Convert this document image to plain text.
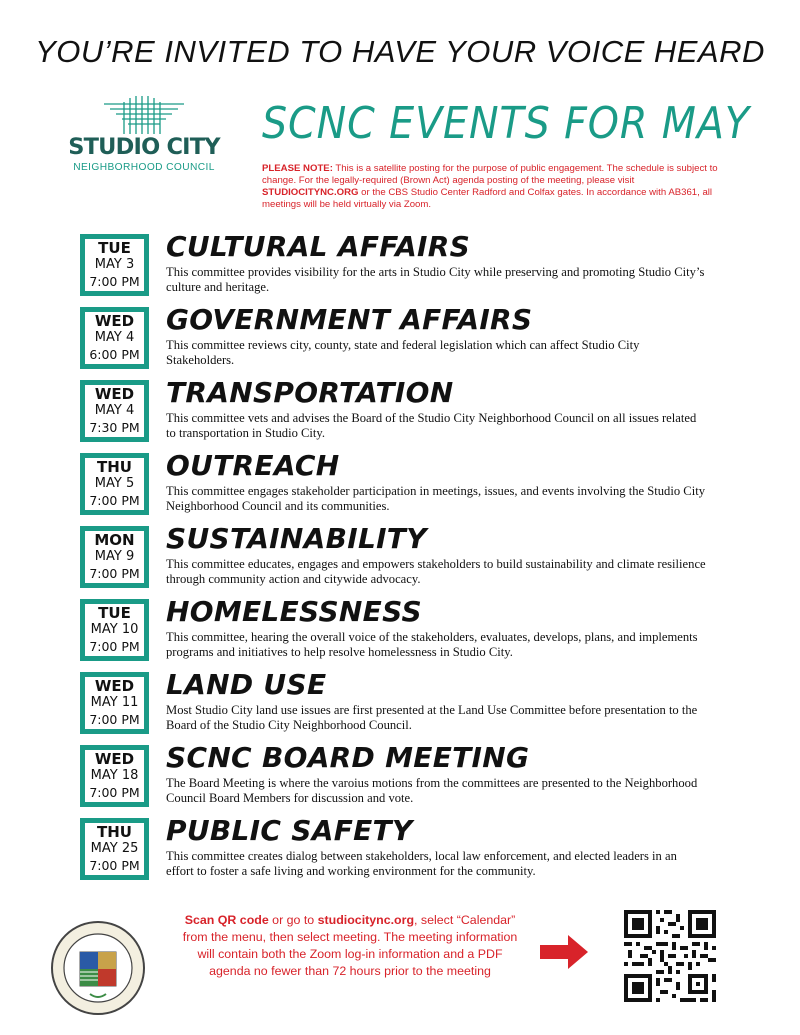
YOU’RE INVITED TO HAVE YOUR VOICE HEARD
STUDIO CITY
NEIGHBORHOOD COUNCIL
SCNC EVENTS FOR MAY
PLEASE NOTE: This is a satellite posting for the purpose of public engagement. The schedule is subject to change. For the legally-required (Brown Act) agenda posting of the meeting, please visit STUDIOCITYNC.ORG or the CBS Studio Center Radford and Colfax gates. In accordance with AB361, all meetings will be held virtually via Zoom.
TUE
MAY 3
7:00 PM
CULTURAL AFFAIRS
This committee provides visibility for the arts in Studio City while preserving and promoting Studio City’s culture and heritage.
WED
MAY 4
6:00 PM
GOVERNMENT AFFAIRS
This committee reviews city, county, state and federal legislation which can affect Studio City Stakeholders.
WED
MAY 4
7:30 PM
TRANSPORTATION
This committee vets and advises the Board of the Studio City Neighborhood Council on all issues related to transportation in Studio City.
THU
MAY 5
7:00 PM
OUTREACH
This committee engages stakeholder participation in meetings, issues, and events involving the Studio City Neighborhood Council and its communities.
MON
MAY 9
7:00 PM
SUSTAINABILITY
This committee educates, engages and empowers stakeholders to build sustainability and climate resilience through community action and citywide advocacy.
TUE
MAY 10
7:00 PM
HOMELESSNESS
This committee, hearing the overall voice of the stakeholders, evaluates, develops, plans, and implements programs and initiatives to help resolve homelessness in Studio City.
WED
MAY 11
7:00 PM
LAND USE
Most Studio City land use issues are first presented at the Land Use Committee before presentation to the Board of the Studio City Neighborhood Council.
WED
MAY 18
7:00 PM
SCNC BOARD MEETING
The Board Meeting is where the varoius motions from the committees are presented to the Neighborhood Council Board Members for discussion and vote.
THU
MAY 25
7:00 PM
PUBLIC SAFETY
This committee creates dialog between stakeholders, local law enforcement, and elected leaders in an effort to foster a safe living and working environment for the community.
Scan QR code or go to studiocitync.org, select “Calendar” from the menu, then select meeting. The meeting information will contain both the Zoom log-in information and a PDF agenda no fewer than 72 hours prior to the meeting
